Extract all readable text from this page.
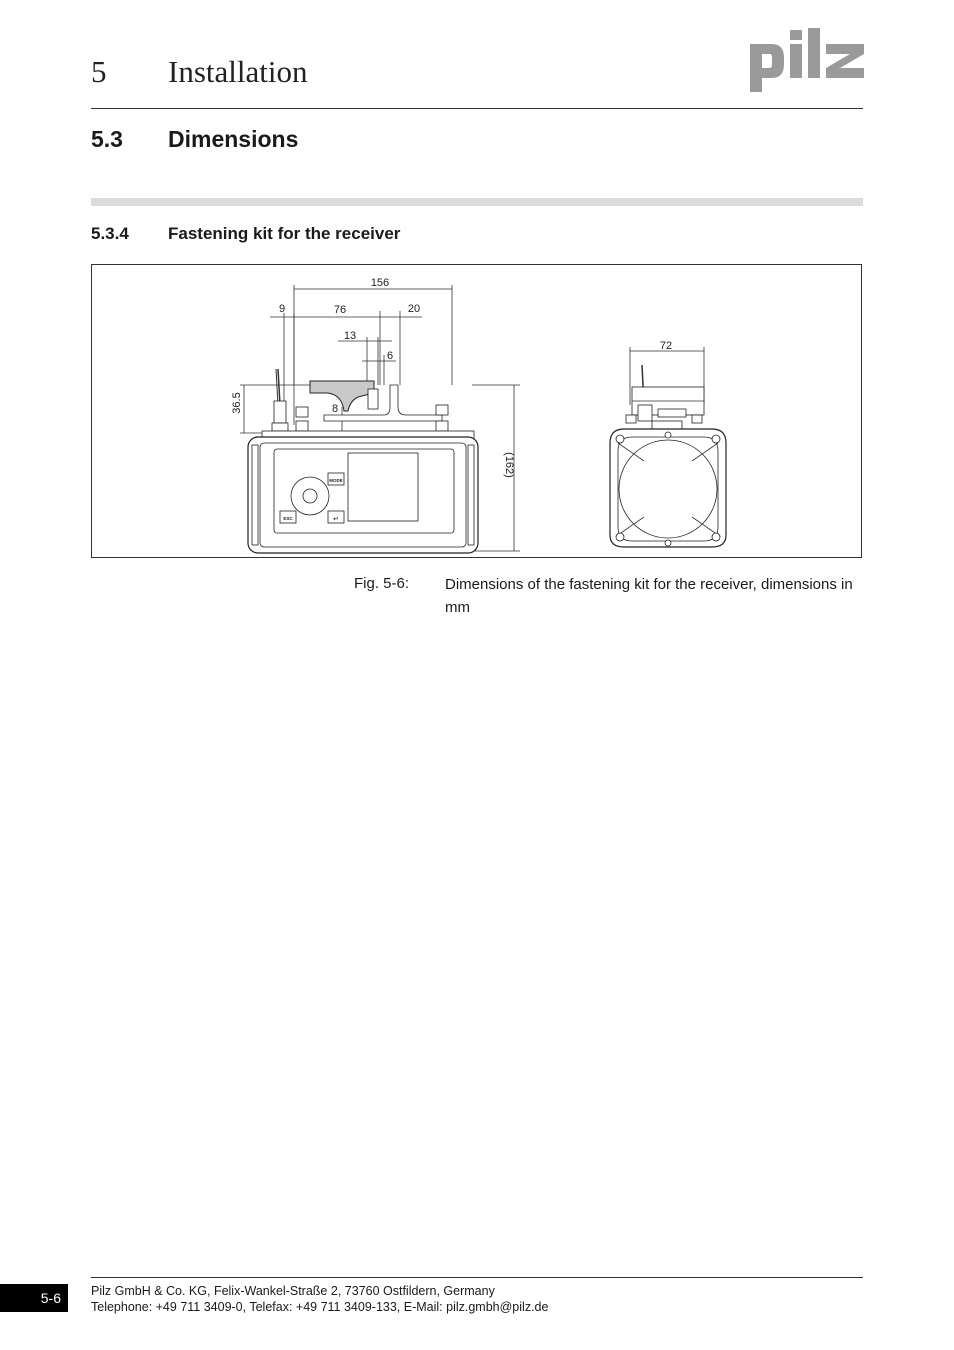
5 Installation
5.3 Dimensions
5.3.4 Fastening kit for the receiver
156
9	76	20
13
6
8
36.5
(162)
72
MODE
ESC	↵
Fig. 5-6: Dimensions of the fastening kit for the receiver, dimensions in mm
5-6	Pilz GmbH & Co. KG, Felix-Wankel-Straße 2, 73760 Ostfildern, Germany
Telephone: +49 711 3409-0, Telefax: +49 711 3409-133, E-Mail: pilz.gmbh@pilz.de
